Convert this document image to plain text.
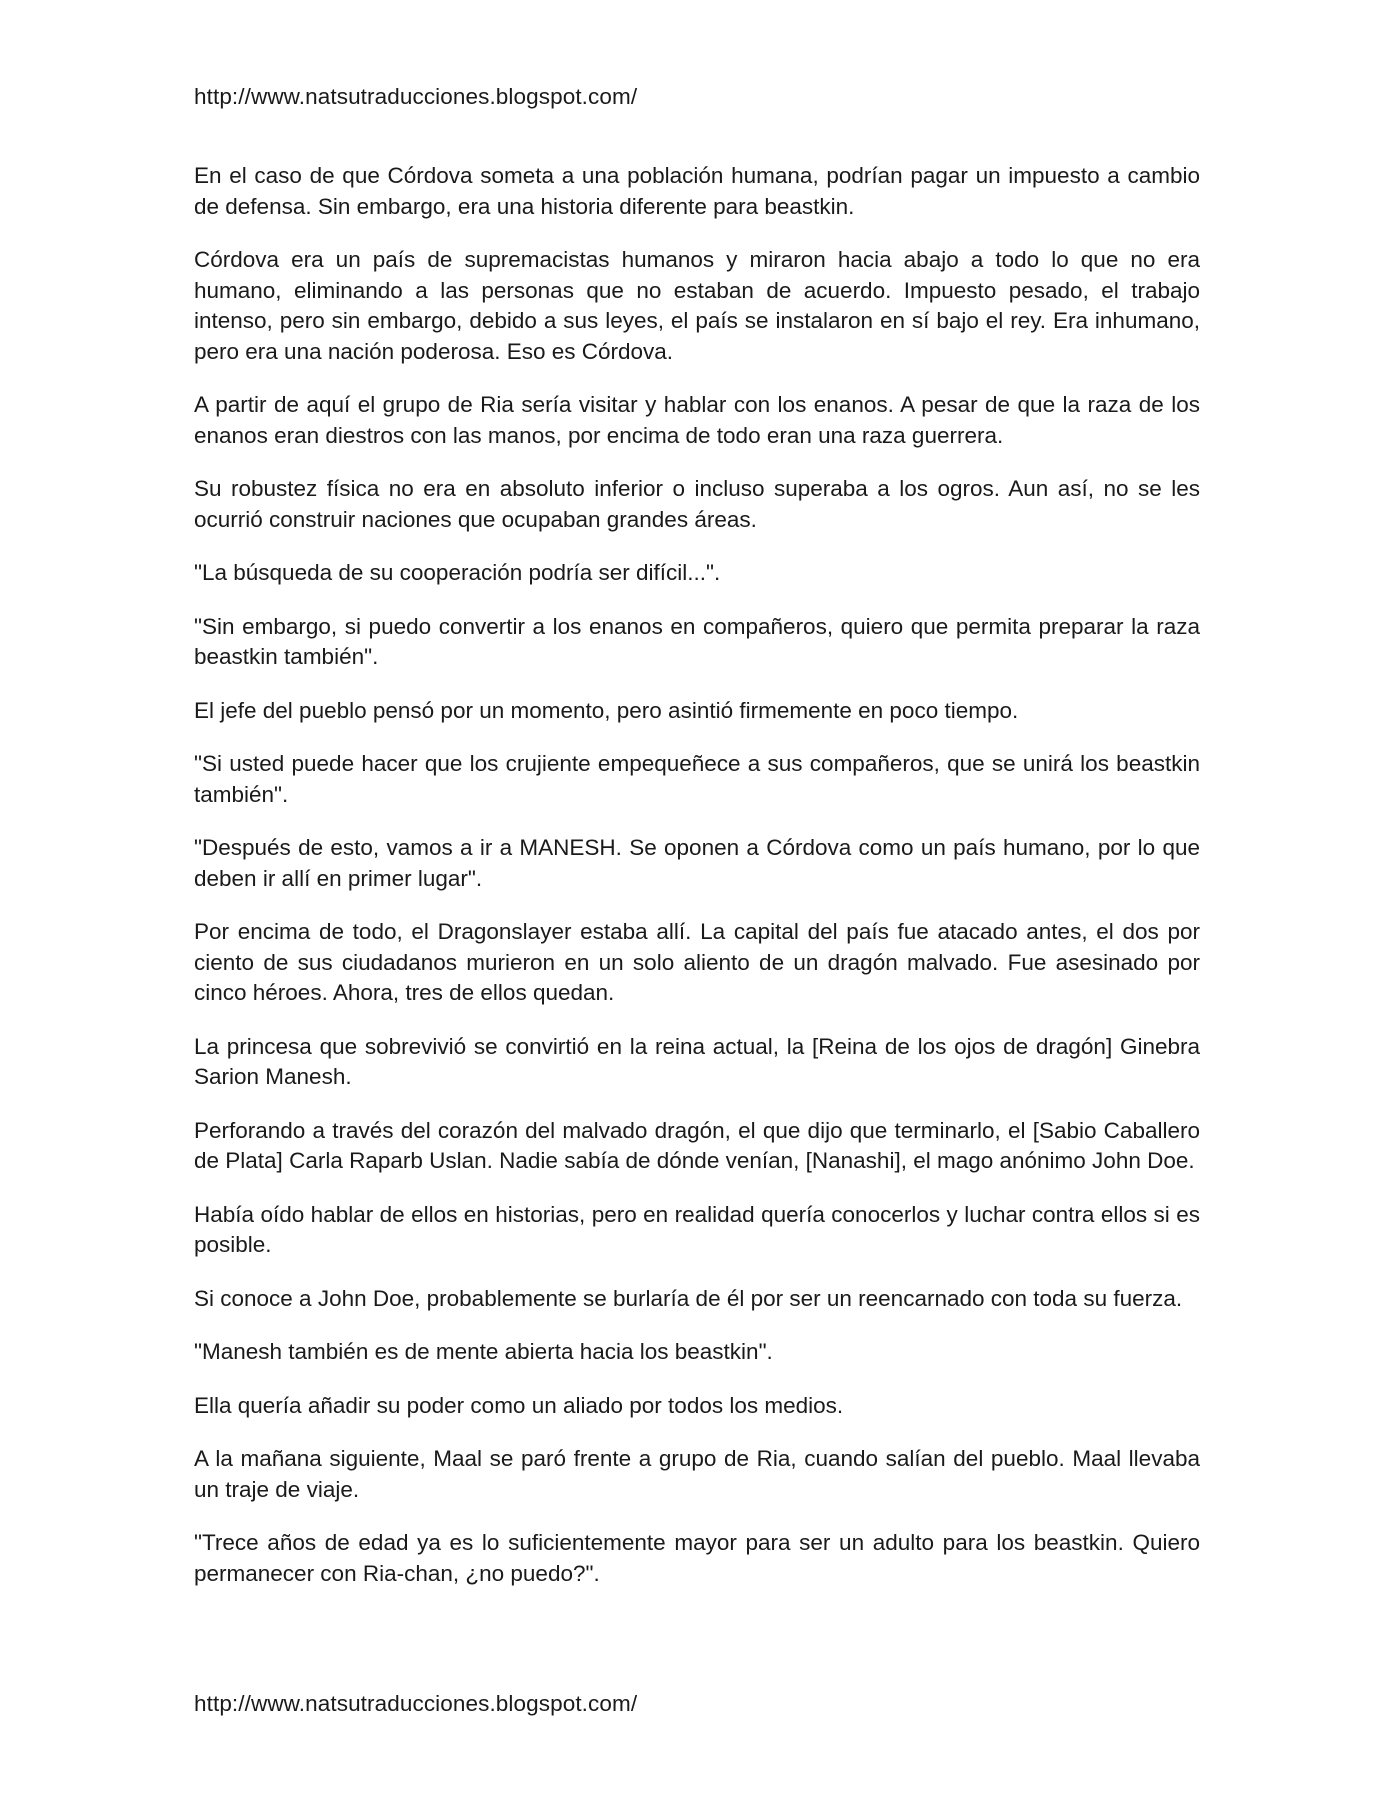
http://www.natsutraducciones.blogspot.com/

En el caso de que Córdova someta a una población humana, podrían pagar un impuesto a cambio de defensa. Sin embargo, era una historia diferente para beastkin.

Córdova era un país de supremacistas humanos y miraron hacia abajo a todo lo que no era humano, eliminando a las personas que no estaban de acuerdo. Impuesto pesado, el trabajo intenso, pero sin embargo, debido a sus leyes, el país se instalaron en sí bajo el rey. Era inhumano, pero era una nación poderosa. Eso es Córdova.

A partir de aquí el grupo de Ria sería visitar y hablar con los enanos. A pesar de que la raza de los enanos eran diestros con las manos, por encima de todo eran una raza guerrera.

Su robustez física no era en absoluto inferior o incluso superaba a los ogros. Aun así, no se les ocurrió construir naciones que ocupaban grandes áreas.

"La búsqueda de su cooperación podría ser difícil...".

"Sin embargo, si puedo convertir a los enanos en compañeros, quiero que permita preparar la raza beastkin también".

El jefe del pueblo pensó por un momento, pero asintió firmemente en poco tiempo.

"Si usted puede hacer que los crujiente empequeñece a sus compañeros, que se unirá los beastkin también".

"Después de esto, vamos a ir a MANESH. Se oponen a Córdova como un país humano, por lo que deben ir allí en primer lugar".

Por encima de todo, el Dragonslayer estaba allí. La capital del país fue atacado antes, el dos por ciento de sus ciudadanos murieron en un solo aliento de un dragón malvado. Fue asesinado por cinco héroes. Ahora, tres de ellos quedan.

La princesa que sobrevivió se convirtió en la reina actual, la [Reina de los ojos de dragón] Ginebra Sarion Manesh.

Perforando a través del corazón del malvado dragón, el que dijo que terminarlo, el [Sabio Caballero de Plata] Carla Raparb Uslan. Nadie sabía de dónde venían, [Nanashi], el mago anónimo John Doe.

Había oído hablar de ellos en historias, pero en realidad quería conocerlos y luchar contra ellos si es posible.

Si conoce a John Doe, probablemente se burlaría de él por ser un reencarnado con toda su fuerza.

"Manesh también es de mente abierta hacia los beastkin".

Ella quería añadir su poder como un aliado por todos los medios.

A la mañana siguiente, Maal se paró frente a grupo de Ria, cuando salían del pueblo. Maal llevaba un traje de viaje.

"Trece años de edad ya es lo suficientemente mayor para ser un adulto para los beastkin. Quiero permanecer con Ria-chan, ¿no puedo?".

http://www.natsutraducciones.blogspot.com/
